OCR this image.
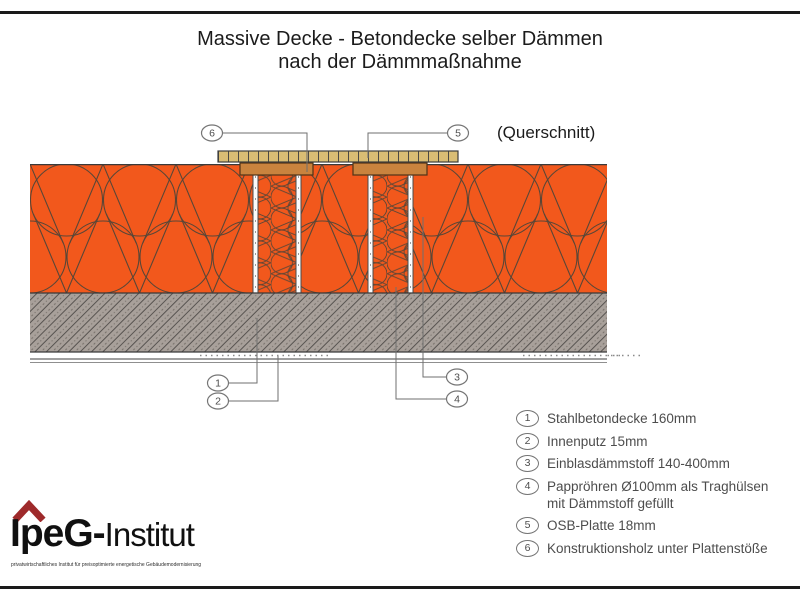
Massive Decke - Betondecke selber Dämmen
nach der Dämmmaßnahme
(Querschnitt)
6	5
1
2
3
4
1	Stahlbetondecke 160mm
2	Innenputz 15mm
3	Einblasdämmstoff 140-400mm
4	Pappröhren Ø100mm als Traghülsen
mit Dämmstoff gefüllt
5	OSB-Platte 18mm
6	Konstruktionsholz unter Plattenstöße
IpeG-Institut
privatwirtschaftliches Institut für preisoptimierte energetische Gebäudemodernisierung
